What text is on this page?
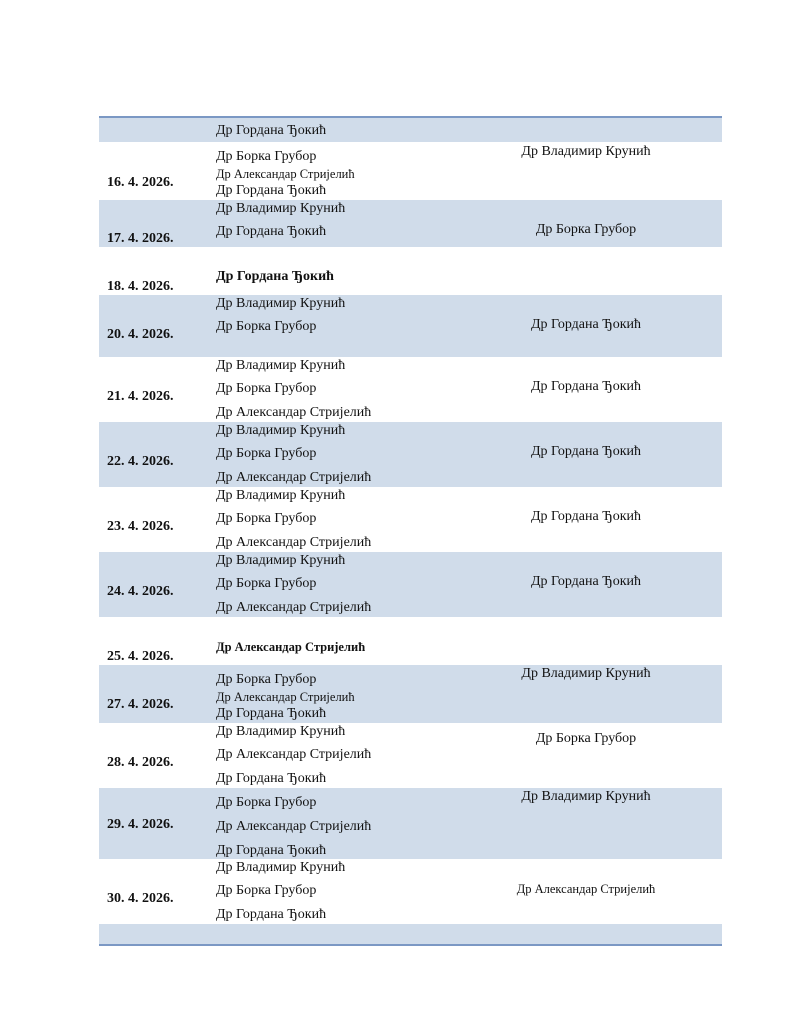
Др Гордана Ђокић
16. 4. 2026.
Др Борка Грубор
Др Александар Стријелић
Др Гордана Ђокић
Др Владимир Крунић
17. 4. 2026.
Др Владимир Крунић
Др Гордана Ђокић	Др Борка Грубор
18. 4. 2026.
Др Гордана Ђокић
20. 4. 2026.
Др Владимир Крунић
Др Борка Грубор	Др Гордана Ђокић
21. 4. 2026.
Др Владимир Крунић
Др Борка Грубор
Др Александар Стријелић
Др Гордана Ђокић
22. 4. 2026.
Др Владимир Крунић
Др Борка Грубор
Др Александар Стријелић
Др Гордана Ђокић
23. 4. 2026.
Др Владимир Крунић
Др Борка Грубор
Др Александар Стријелић
Др Гордана Ђокић
24. 4. 2026.
Др Владимир Крунић
Др Борка Грубор
Др Александар Стријелић
Др Гордана Ђокић
25. 4. 2026.
Др Александар Стријелић
27. 4. 2026.
Др Борка Грубор
Др Александар Стријелић
Др Гордана Ђокић
Др Владимир Крунић
28. 4. 2026.
Др Владимир Крунић
Др Александар Стријелић
Др Гордана Ђокић
Др Борка Грубор
29. 4. 2026.
Др Борка Грубор
Др Александар Стријелић
Др Гордана Ђокић
Др Владимир Крунић
30. 4. 2026.
Др Владимир Крунић
Др Борка Грубор
Др Гордана Ђокић
Др Александар Стријелић
